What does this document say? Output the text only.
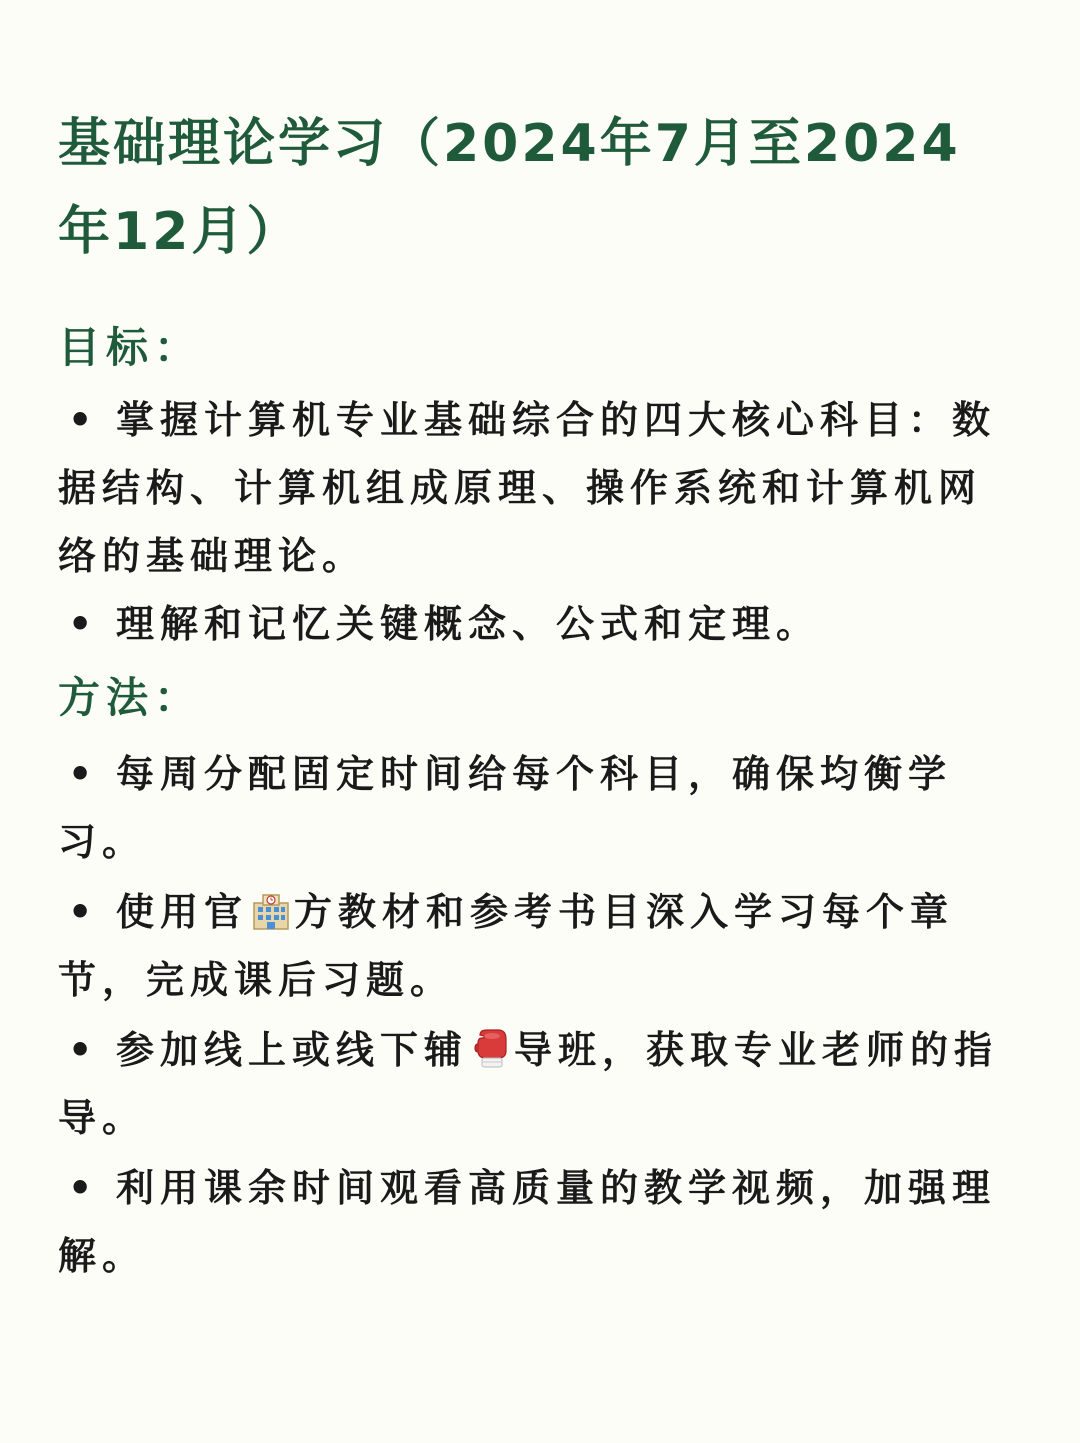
基础理论学习（2024年7月至2024年12月）
目标：
• 掌握计算机专业基础综合的四大核心科目：数据结构、计算机组成原理、操作系统和计算机网络的基础理论。
• 理解和记忆关键概念、公式和定理。
方法：
• 每周分配固定时间给每个科目，确保均衡学习。
• 使用官 方教材和参考书目深入学习每个章节，完成课后习题。
• 参加线上或线下辅 导班，获取专业老师的指导。
• 利用课余时间观看高质量的教学视频，加强理解。
